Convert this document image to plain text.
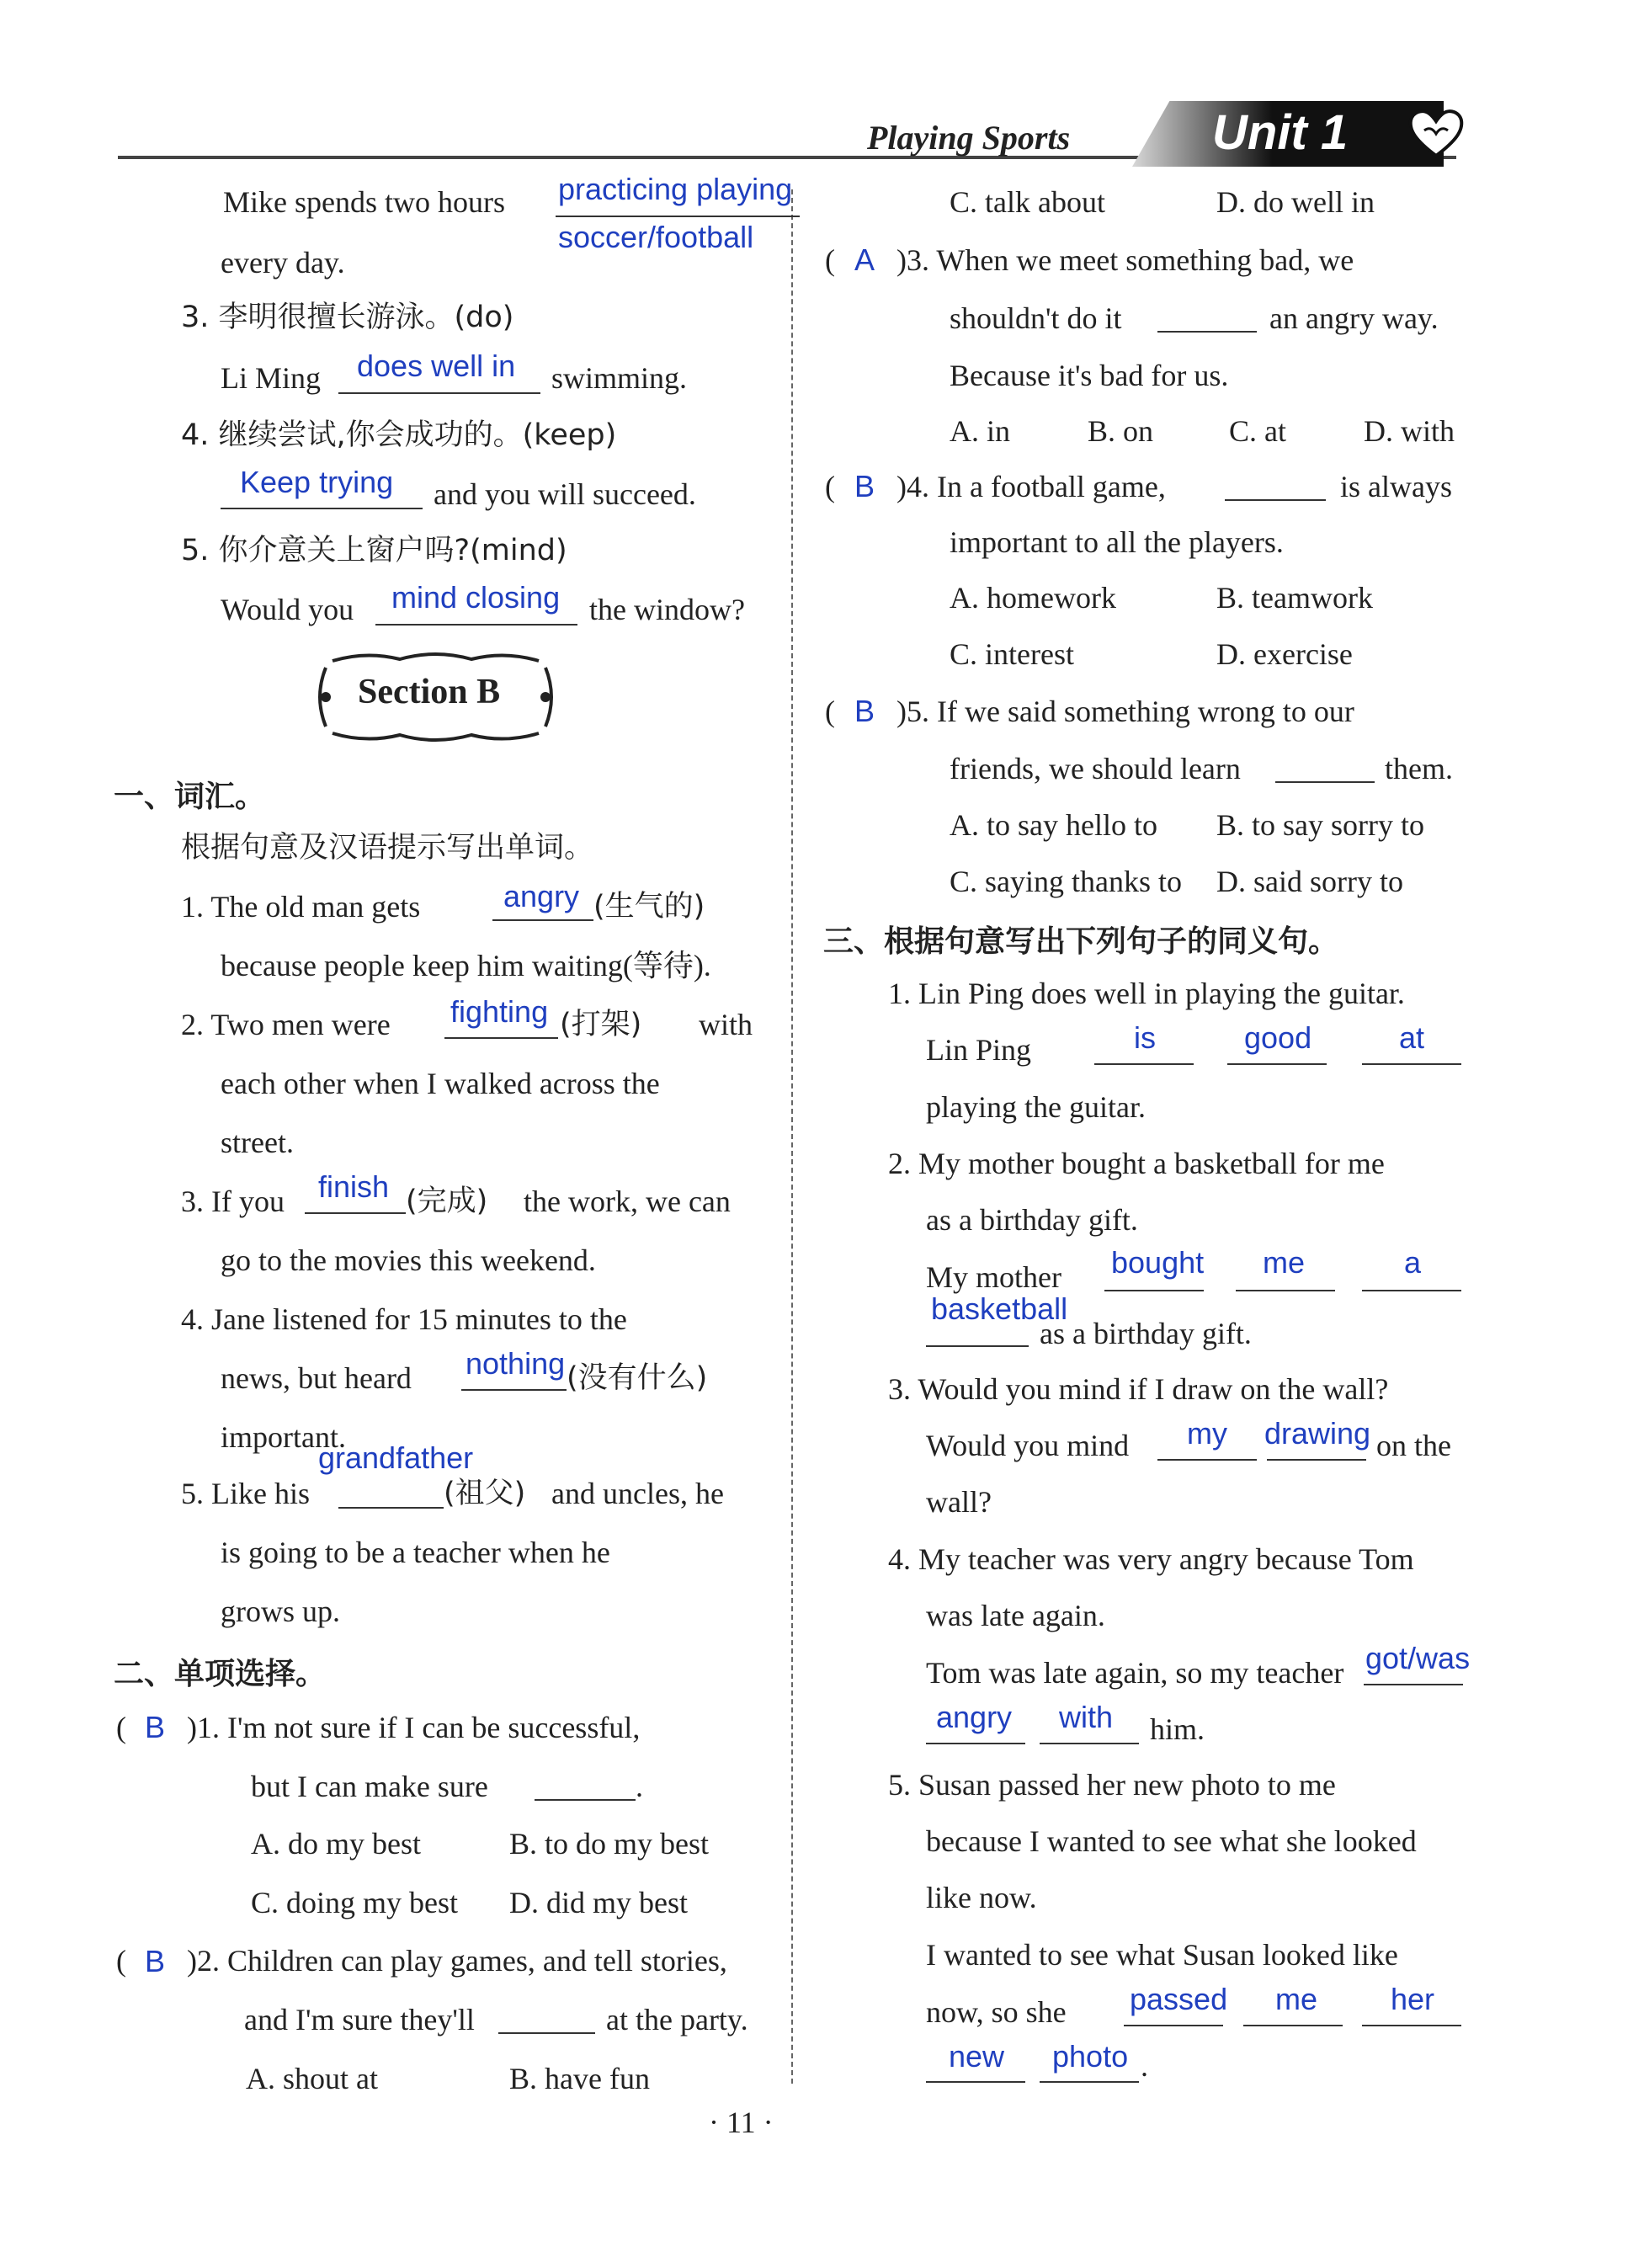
Playing Sports	Unit 1
Mike spends two hours practicing playing
every day.
soccer/football
3. 李明很擅长游泳。(do)
Li Ming does well in swimming.
4. 继续尝试,你会成功的。(keep)
Keep trying and you will succeed.
5. 你介意关上窗户吗?(mind)
Would you mind closing the window?
Section B
一、词汇。
根据句意及汉语提示写出单词。
1. The old man gets	angry (生气的)
because people keep him waiting(等待).
2. Two men were fighting (打架) with
each other when I walked across the
street.
3. If you finish (完成) the work, we can
go to the movies this weekend.
4. Jane listened for 15 minutes to the
news, but heard nothing (没有什么)
important.
grandfather
5. Like his	(祖父) and uncles, he
is going to be a teacher when he
grows up.
二、单项选择。
( B )1. I'm not sure if I can be successful,
but I can make sure	.
A. do my best	B. to do my best
C. doing my best D. did my best
( B )2. Children can play games, and tell stories,
and I'm sure they'll	at the party.
A. shout at	B. have fun
C. talk about	D. do well in
( A )3. When we meet something bad, we
shouldn't do it	an angry way.
Because it's bad for us.
A. in	B. on C. at	D. with
( B )4. In a football game,	is always
important to all the players.
A. homework	B. teamwork
C. interest	D. exercise
( B )5. If we said something wrong to our
friends, we should learn	them.
A. to say hello to B. to say sorry to
C. saying thanks to D. said sorry to
三、根据句意写出下列句子的同义句。
1. Lin Ping does well in playing the guitar.
Lin Ping	is	good	at
playing the guitar.
2. My mother bought a basketball for me
as a birthday gift.
My mother bought me	a
basketball
as a birthday gift.
3. Would you mind if I draw on the wall?
Would you mind my drawing on the
wall?
4. My teacher was very angry because Tom
was late again.
Tom was late again, so my teacher got/was
angry with him.
5. Susan passed her new photo to me
because I wanted to see what she looked
like now.
I wanted to see what Susan looked like
now, so she passed me her
new photo .
· 11 ·
